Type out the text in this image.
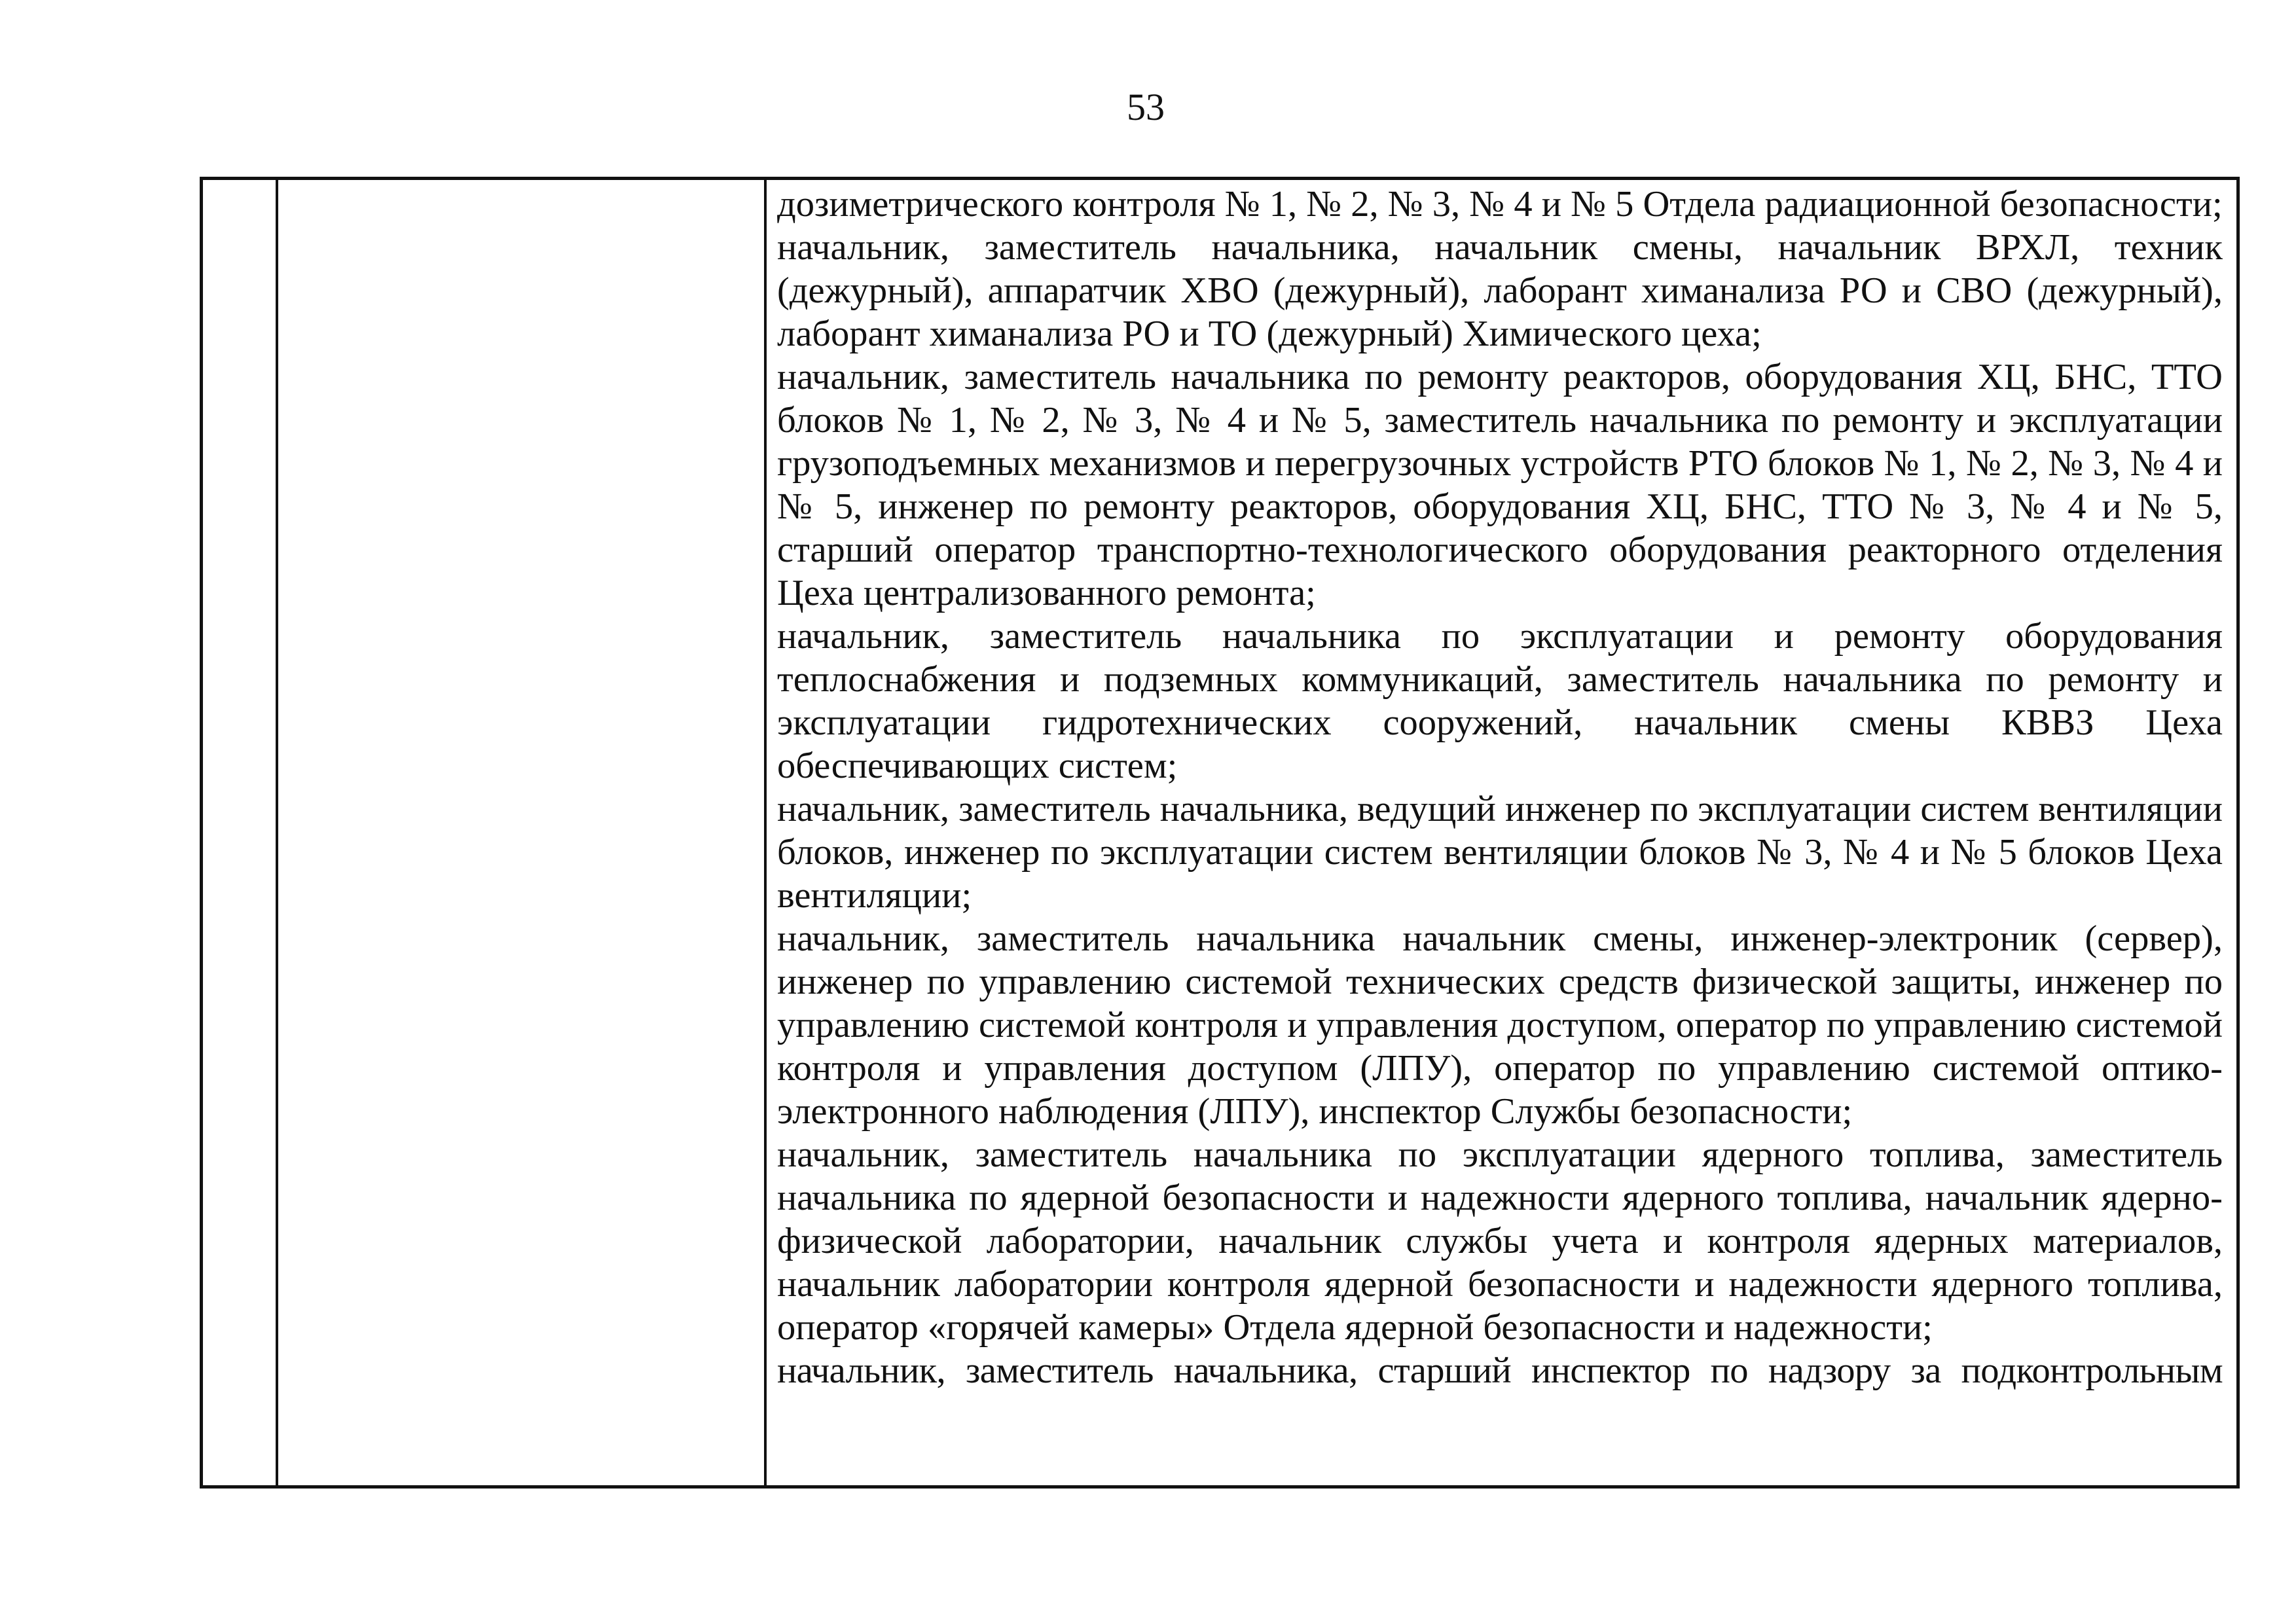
53

дозиметрического контроля № 1, № 2, № 3, № 4 и № 5 Отдела радиационной безопасности;

начальник, заместитель начальника, начальник смены, начальник ВРХЛ, техник (дежурный), аппаратчик ХВО (дежурный), лаборант химанализа РО и СВО (дежурный), лаборант химанализа РО и ТО (дежурный) Химического цеха;

начальник, заместитель начальника по ремонту реакторов, оборудования ХЦ, БНС, ТТО блоков № 1, № 2, № 3, № 4 и № 5, заместитель начальника по ремонту и эксплуатации грузоподъемных механизмов и перегрузочных устройств РТО блоков № 1, № 2, № 3, № 4 и № 5, инженер по ремонту реакторов, оборудования ХЦ, БНС, ТТО № 3, № 4 и № 5, старший оператор транспортно-технологического оборудования реакторного отделения Цеха централизованного ремонта;

начальник, заместитель начальника по эксплуатации и ремонту оборудования теплоснабжения и подземных коммуникаций, заместитель начальника по ремонту и эксплуатации гидротехнических сооружений, начальник смены КВВЗ Цеха обеспечивающих систем;

начальник, заместитель начальника, ведущий инженер по эксплуатации систем вентиляции блоков, инженер по эксплуатации систем вентиляции блоков № 3, № 4 и № 5 блоков Цеха вентиляции;

начальник, заместитель начальника начальник смены, инженер-электроник (сервер), инженер по управлению системой технических средств физической защиты, инженер по управлению системой контроля и управления доступом, оператор по управлению системой контроля и управления доступом (ЛПУ), оператор по управлению системой оптико-электронного наблюдения (ЛПУ), инспектор Службы безопасности;

начальник, заместитель начальника по эксплуатации ядерного топлива, заместитель начальника по ядерной безопасности и надежности ядерного топлива, начальник ядерно-физической лаборатории, начальник службы учета и контроля ядерных материалов, начальник лаборатории контроля ядерной безопасности и надежности ядерного топлива, оператор «горячей камеры» Отдела ядерной безопасности и надежности;

начальник, заместитель начальника, старший инспектор по надзору за подконтрольным
